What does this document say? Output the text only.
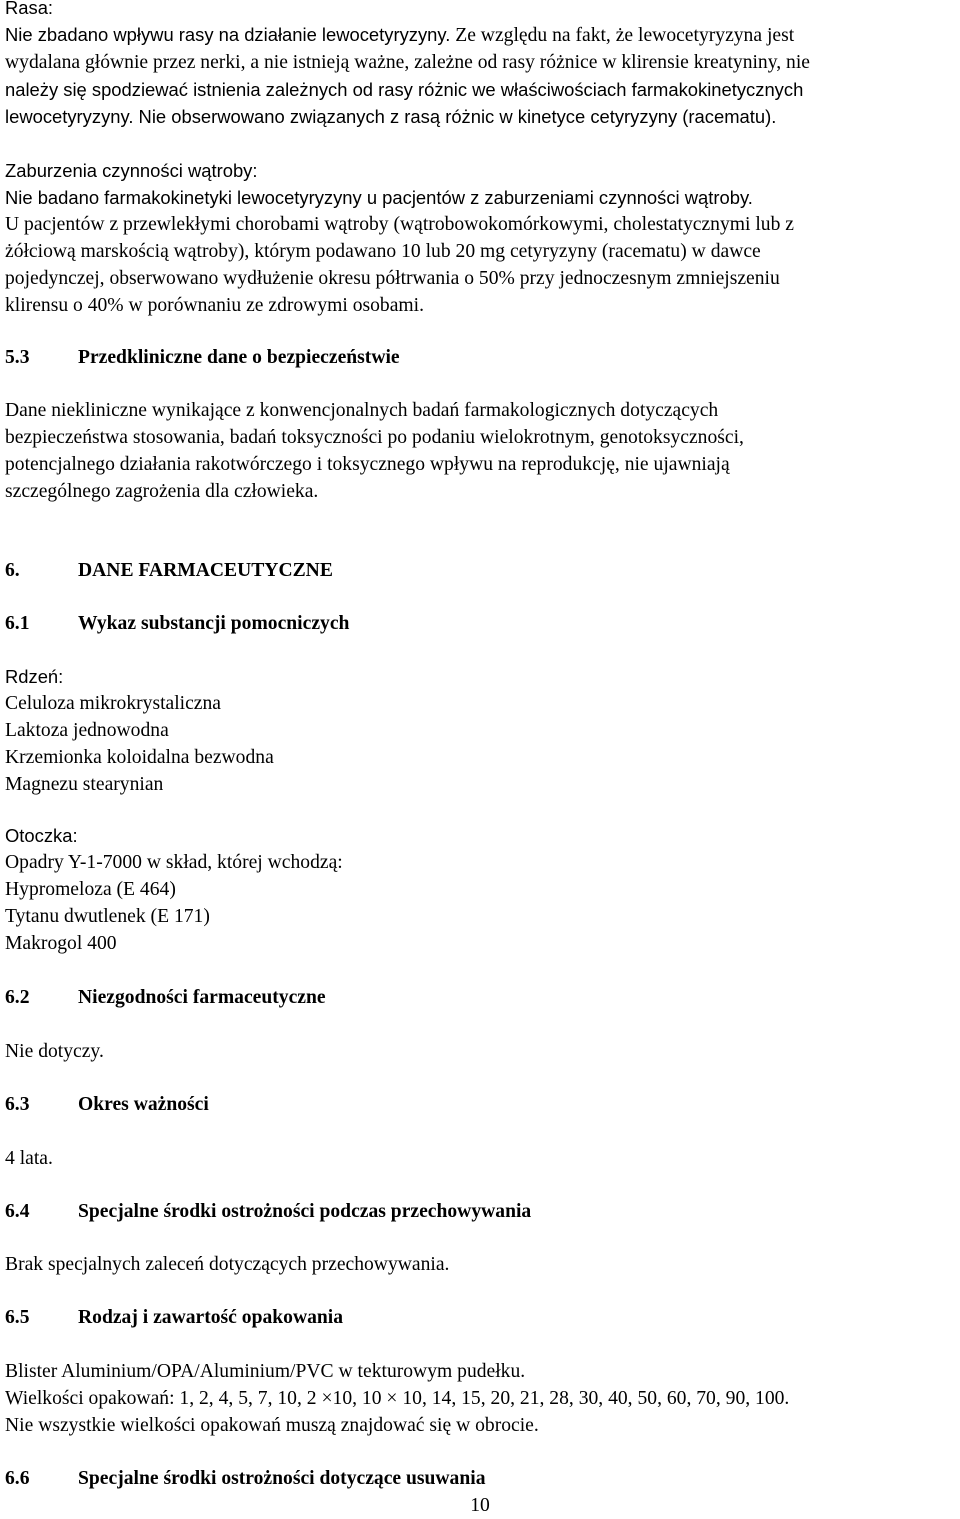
Rasa:

Nie zbadano wpływu rasy na działanie lewocetyryzyny. Ze względu na fakt, że lewocetyryzyna jest

wydalana głównie przez nerki, a nie istnieją ważne, zależne od rasy różnice w klirensie kreatyniny, nie

należy się spodziewać istnienia zależnych od rasy różnic we właściwościach farmakokinetycznych

lewocetyryzyny. Nie obserwowano związanych z rasą różnic w kinetyce cetyryzyny (racematu).

Zaburzenia czynności wątroby:

Nie badano farmakokinetyki lewocetyryzyny u pacjentów z zaburzeniami czynności wątroby.

U pacjentów z przewlekłymi chorobami wątroby (wątrobowokomórkowymi, cholestatycznymi lub z

żółciową marskością wątroby), którym podawano 10 lub 20 mg cetyryzyny (racematu) w dawce

pojedynczej, obserwowano wydłużenie okresu półtrwania o 50% przy jednoczesnym zmniejszeniu

klirensu o 40% w porównaniu ze zdrowymi osobami.

5.3 Przedkliniczne dane o bezpieczeństwie

Dane niekliniczne wynikające z konwencjonalnych badań farmakologicznych dotyczących

bezpieczeństwa stosowania, badań toksyczności po podaniu wielokrotnym, genotoksyczności,

potencjalnego działania rakotwórczego i toksycznego wpływu na reprodukcję, nie ujawniają

szczególnego zagrożenia dla człowieka.

6.	DANE FARMACEUTYCZNE

6.1 Wykaz substancji pomocniczych

Rdzeń:

Celuloza mikrokrystaliczna

Laktoza jednowodna

Krzemionka koloidalna bezwodna

Magnezu stearynian

Otoczka:

Opadry Y-1-7000 w skład, której wchodzą:

Hypromeloza (E 464)

Tytanu dwutlenek (E 171)

Makrogol 400

6.2 Niezgodności farmaceutyczne

Nie dotyczy.

6.3 Okres ważności

4 lata.

6.4 Specjalne środki ostrożności podczas przechowywania

Brak specjalnych zaleceń dotyczących przechowywania.

6.5 Rodzaj i zawartość opakowania

Blister Aluminium/OPA/Aluminium/PVC w tekturowym pudełku.

Wielkości opakowań: 1, 2, 4, 5, 7, 10, 2 ×10, 10 × 10, 14, 15, 20, 21, 28, 30, 40, 50, 60, 70, 90, 100.

Nie wszystkie wielkości opakowań muszą znajdować się w obrocie.

6.6 Specjalne środki ostrożności dotyczące usuwania

10
